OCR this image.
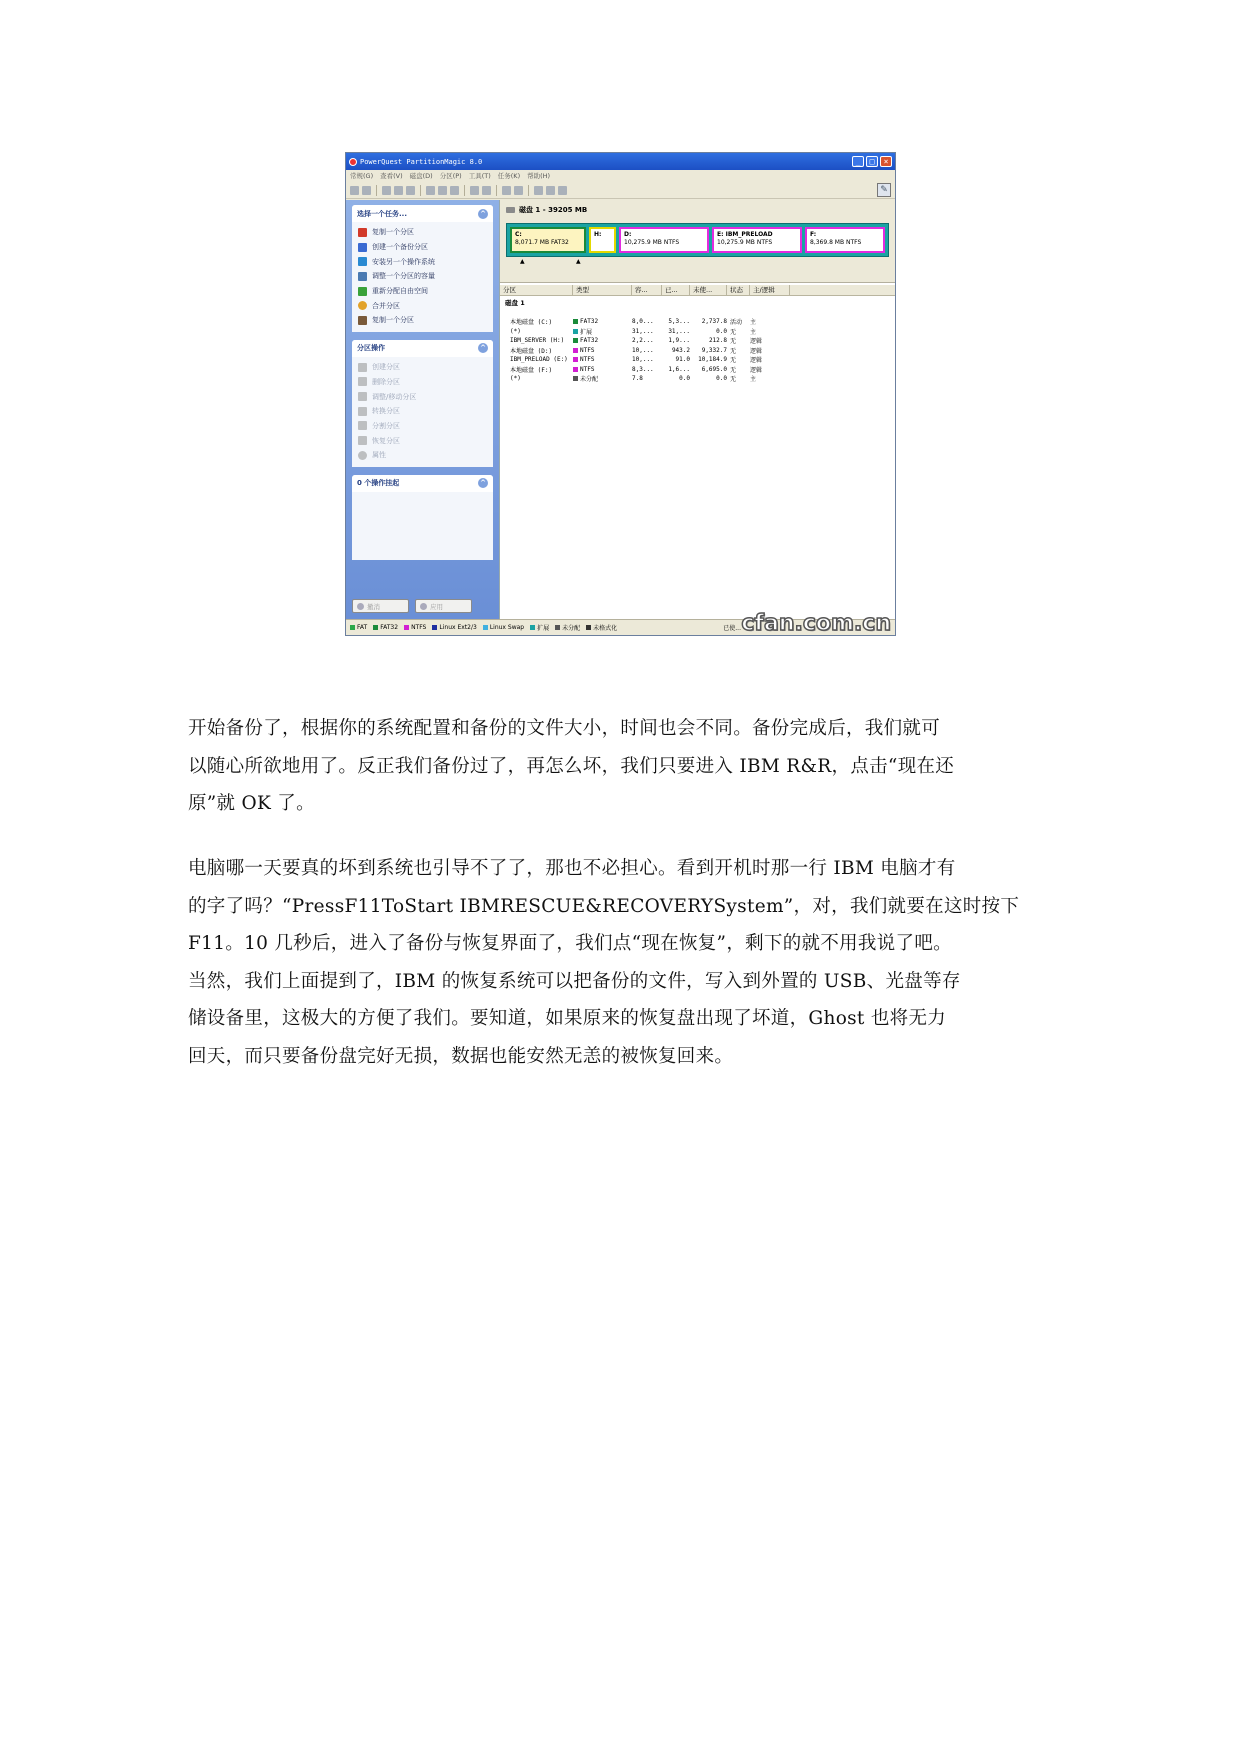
PowerQuest PartitionMagic 8.0	_	□	×
常规(G) 查看(V) 磁盘(D) 分区(P) 工具(T) 任务(K) 帮助(H)
✎
选择一个任务...	^
复制一个分区
创建一个备份分区
安装另一个操作系统
调整一个分区的容量
重新分配自由空间
合并分区
复制一个分区
分区操作	^
创建分区
删除分区
调整/移动分区
转换分区
分割分区
恢复分区
属性
0 个操作挂起	^
撤消	应用
磁盘 1 - 39205 MB
C:
8,071.7 MB FAT32
H:	D:
10,275.9 MB NTFS
E: IBM_PRELOAD
10,275.9 MB NTFS
F:
8,369.8 MB NTFS
▲	▲
分区	类型	容...	已...	未使...	状态	主/逻辑
磁盘 1
本地磁盘 (C:)	FAT32	8,0...	5,3...	2,737.8 活动	主
(*)	扩展	31,...	31,...	0.0 无	主
IBM_SERVER (H:)	FAT32	2,2...	1,9...	212.8 无	逻辑
本地磁盘 (D:)	NTFS	10,...	943.2	9,332.7 无	逻辑
IBM_PRELOAD (E:)	NTFS	10,...	91.0	10,184.9 无	逻辑
本地磁盘 (F:)	NTFS	8,3...	1,6...	6,695.0 无	逻辑
(*)	未分配	7.8	0.0	0.0 无	主
FAT FAT32 NTFS Linux Ext2/3 Linux Swap 扩展 未分配 未格式化	已使... cfan.com.cn
开始备份了，根据你的系统配置和备份的文件大小，时间也会不同。备份完成后，我们就可
以随心所欲地用了。反正我们备份过了，再怎么坏，我们只要进入 IBM R&R，点击“现在还
原”就 OK 了。
电脑哪一天要真的坏到系统也引导不了了，那也不必担心。看到开机时那一行 IBM 电脑才有
的字了吗？“PressF11ToStart IBMRESCUE&RECOVERYSystem”，对，我们就要在这时按下
F11。10 几秒后，进入了备份与恢复界面了，我们点“现在恢复”，剩下的就不用我说了吧。
当然，我们上面提到了，IBM 的恢复系统可以把备份的文件，写入到外置的 USB、光盘等存
储设备里，这极大的方便了我们。要知道，如果原来的恢复盘出现了坏道，Ghost 也将无力
回天，而只要备份盘完好无损，数据也能安然无恙的被恢复回来。
